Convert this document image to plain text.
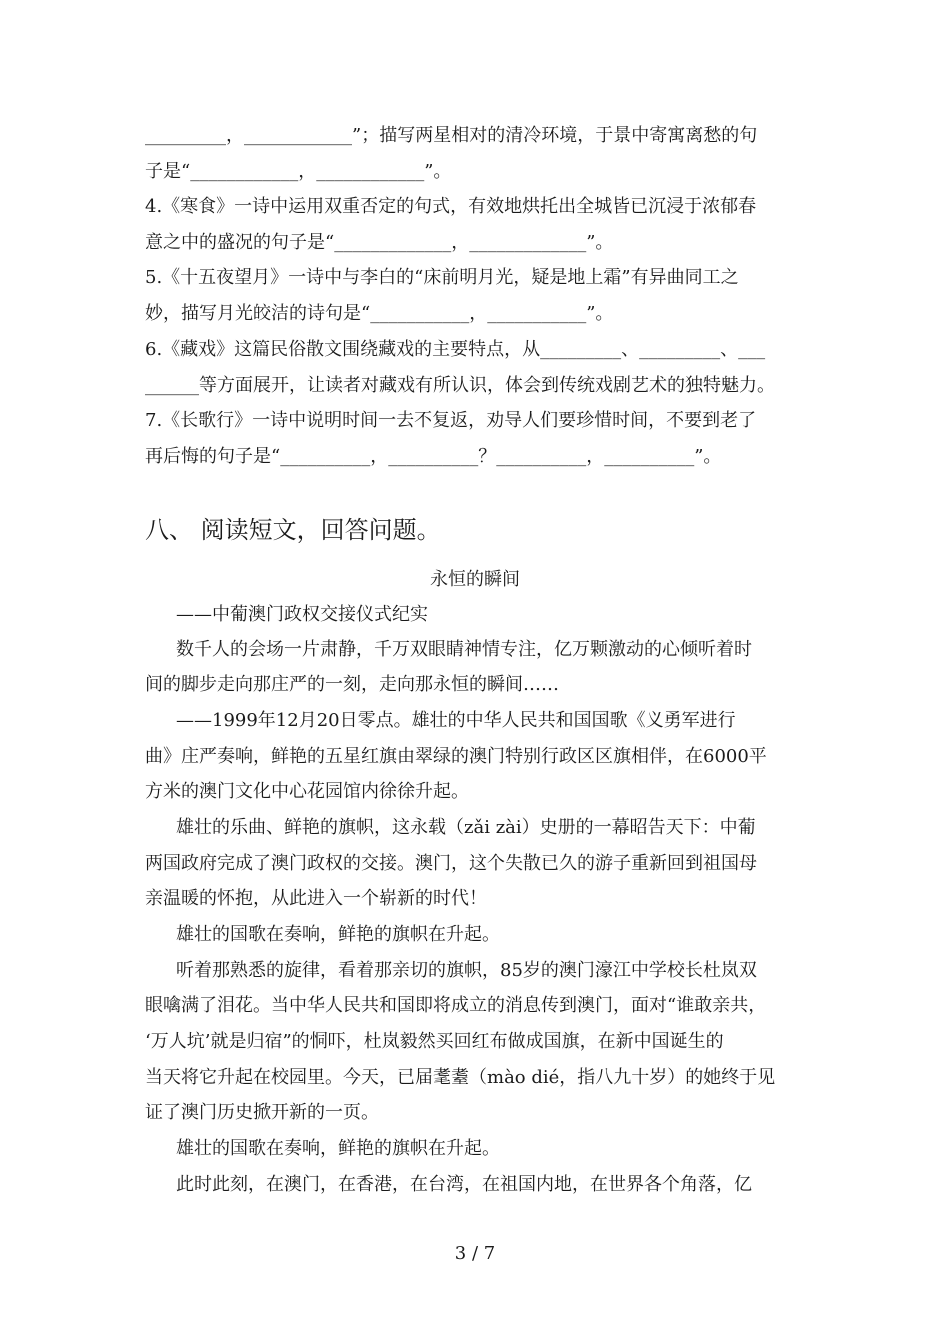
_________，____________”；描写两星相对的清冷环境，于景中寄寓离愁的句
子是“____________，____________”。
4.《寒食》一诗中运用双重否定的句式，有效地烘托出全城皆已沉浸于浓郁春
意之中的盛况的句子是“_____________，_____________”。
5.《十五夜望月》一诗中与李白的“床前明月光，疑是地上霜”有异曲同工之
妙，描写月光皎洁的诗句是“___________，___________”。
6.《藏戏》这篇民俗散文围绕藏戏的主要特点，从_________、_________、___
______等方面展开，让读者对藏戏有所认识，体会到传统戏剧艺术的独特魅力。
7.《长歌行》一诗中说明时间一去不复返，劝导人们要珍惜时间，不要到老了
再后悔的句子是“__________，__________？__________，__________”。
八、 阅读短文，回答问题。
永恒的瞬间
——中葡澳门政权交接仪式纪实
数千人的会场一片肃静，千万双眼睛神情专注，亿万颗激动的心倾听着时
间的脚步走向那庄严的一刻，走向那永恒的瞬间……
——1999年12月20日零点。雄壮的中华人民共和国国歌《义勇军进行
曲》庄严奏响，鲜艳的五星红旗由翠绿的澳门特别行政区区旗相伴，在6000平
方米的澳门文化中心花园馆内徐徐升起。
雄壮的乐曲、鲜艳的旗帜，这永载（zǎi zài）史册的一幕昭告天下：中葡
两国政府完成了澳门政权的交接。澳门，这个失散已久的游子重新回到祖国母
亲温暖的怀抱，从此进入一个崭新的时代！
雄壮的国歌在奏响，鲜艳的旗帜在升起。
听着那熟悉的旋律，看着那亲切的旗帜，85岁的澳门濠江中学校长杜岚双
眼噙满了泪花。当中华人民共和国即将成立的消息传到澳门，面对“谁敢亲共，
‘万人坑’就是归宿”的恫吓，杜岚毅然买回红布做成国旗，在新中国诞生的
当天将它升起在校园里。今天，已届耄耋（mào dié，指八九十岁）的她终于见
证了澳门历史掀开新的一页。
雄壮的国歌在奏响，鲜艳的旗帜在升起。
此时此刻，在澳门，在香港，在台湾，在祖国内地，在世界各个角落，亿
3 / 7
